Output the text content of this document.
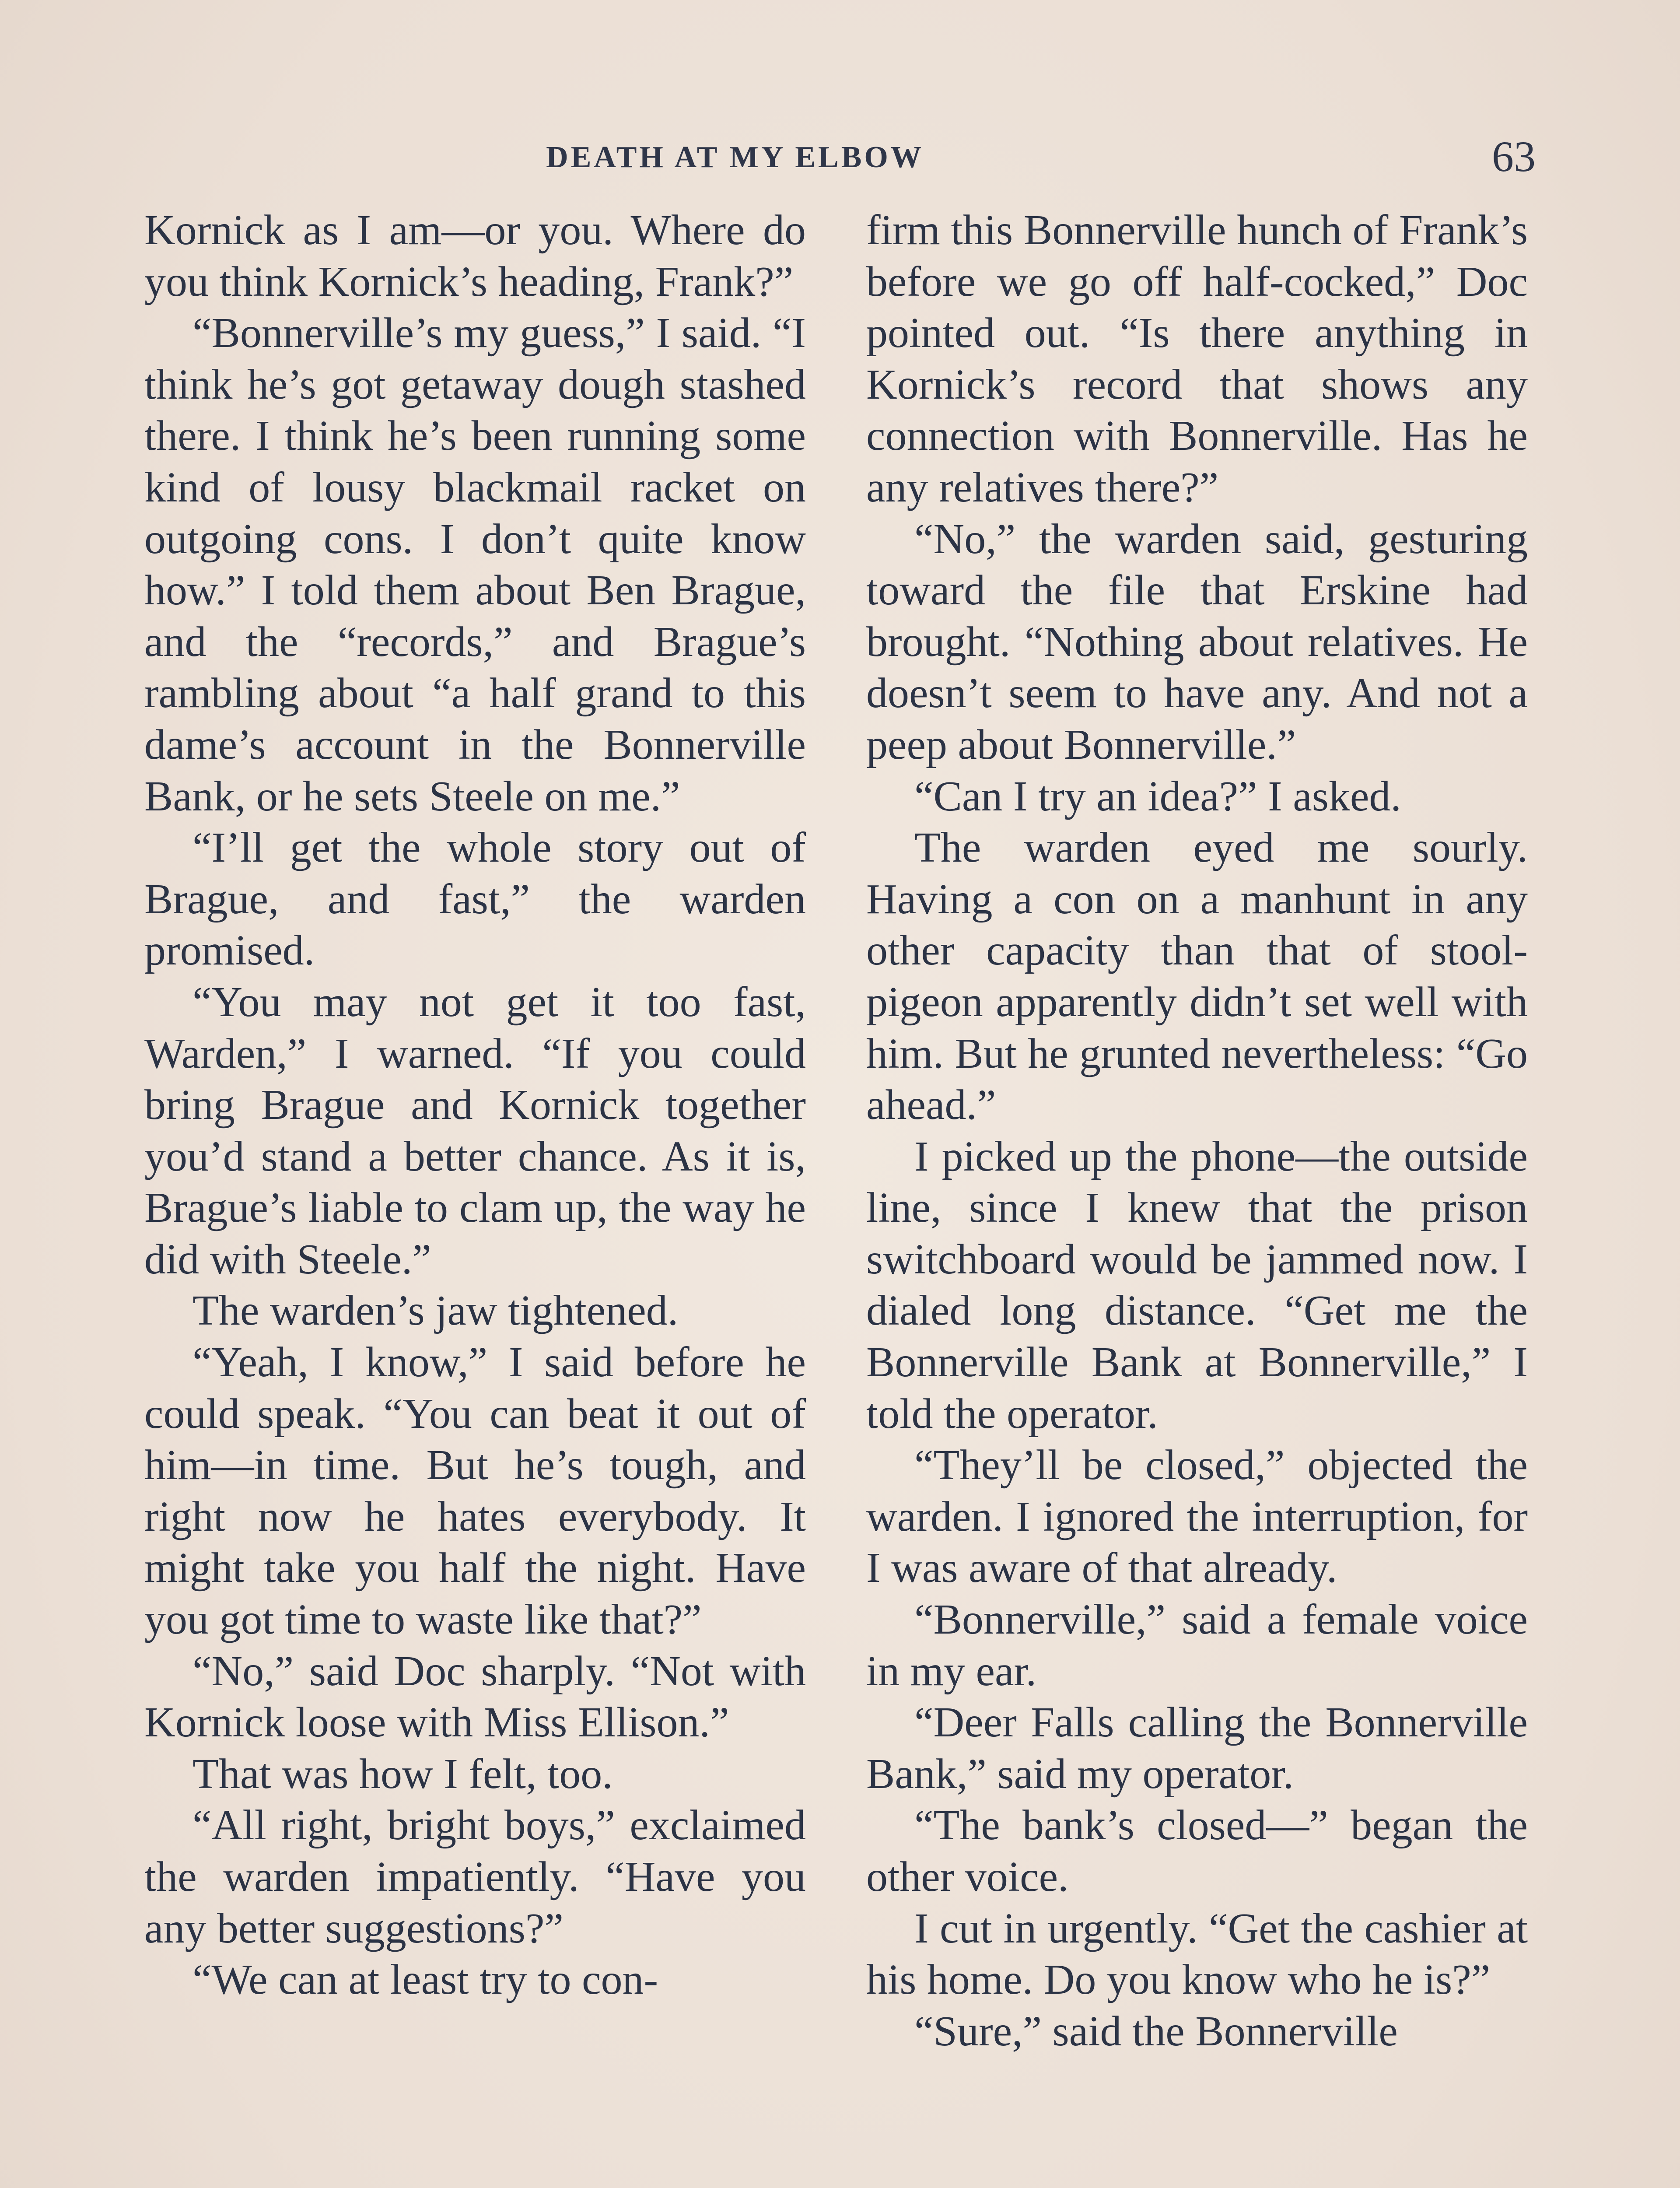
DEATH AT MY ELBOW	63

Kornick as I am—or you. Where do you think Kornick’s heading, Frank?”

“Bonnerville’s my guess,” I said. “I think he’s got getaway dough stashed there. I think he’s been running some kind of lousy blackmail racket on outgoing cons. I don’t quite know how.” I told them about Ben Brague, and the “records,” and Brague’s rambling about “a half grand to this dame’s account in the Bonnerville Bank, or he sets Steele on me.”

“I’ll get the whole story out of Brague, and fast,” the warden promised.

“You may not get it too fast, Warden,” I warned. “If you could bring Brague and Kornick together you’d stand a better chance. As it is, Brague’s liable to clam up, the way he did with Steele.”

The warden’s jaw tightened.

“Yeah, I know,” I said before he could speak. “You can beat it out of him—in time. But he’s tough, and right now he hates everybody. It might take you half the night. Have you got time to waste like that?”

“No,” said Doc sharply. “Not with Kornick loose with Miss Ellison.”

That was how I felt, too.

“All right, bright boys,” exclaimed the warden impatiently. “Have you any better suggestions?”

“We can at least try to con-

firm this Bonnerville hunch of Frank’s before we go off half-cocked,” Doc pointed out. “Is there anything in Kornick’s record that shows any connection with Bonnerville. Has he any relatives there?”

“No,” the warden said, gesturing toward the file that Erskine had brought. “Nothing about relatives. He doesn’t seem to have any. And not a peep about Bonnerville.”

“Can I try an idea?” I asked.

The warden eyed me sourly. Having a con on a manhunt in any other capacity than that of stool-pigeon apparently didn’t set well with him. But he grunted nevertheless: “Go ahead.”

I picked up the phone—the outside line, since I knew that the prison switchboard would be jammed now. I dialed long distance. “Get me the Bonnerville Bank at Bonnerville,” I told the operator.

“They’ll be closed,” objected the warden. I ignored the interruption, for I was aware of that already.

“Bonnerville,” said a female voice in my ear.

“Deer Falls calling the Bonnerville Bank,” said my operator.

“The bank’s closed—” began the other voice.

I cut in urgently. “Get the cashier at his home. Do you know who he is?”

“Sure,” said the Bonnerville
